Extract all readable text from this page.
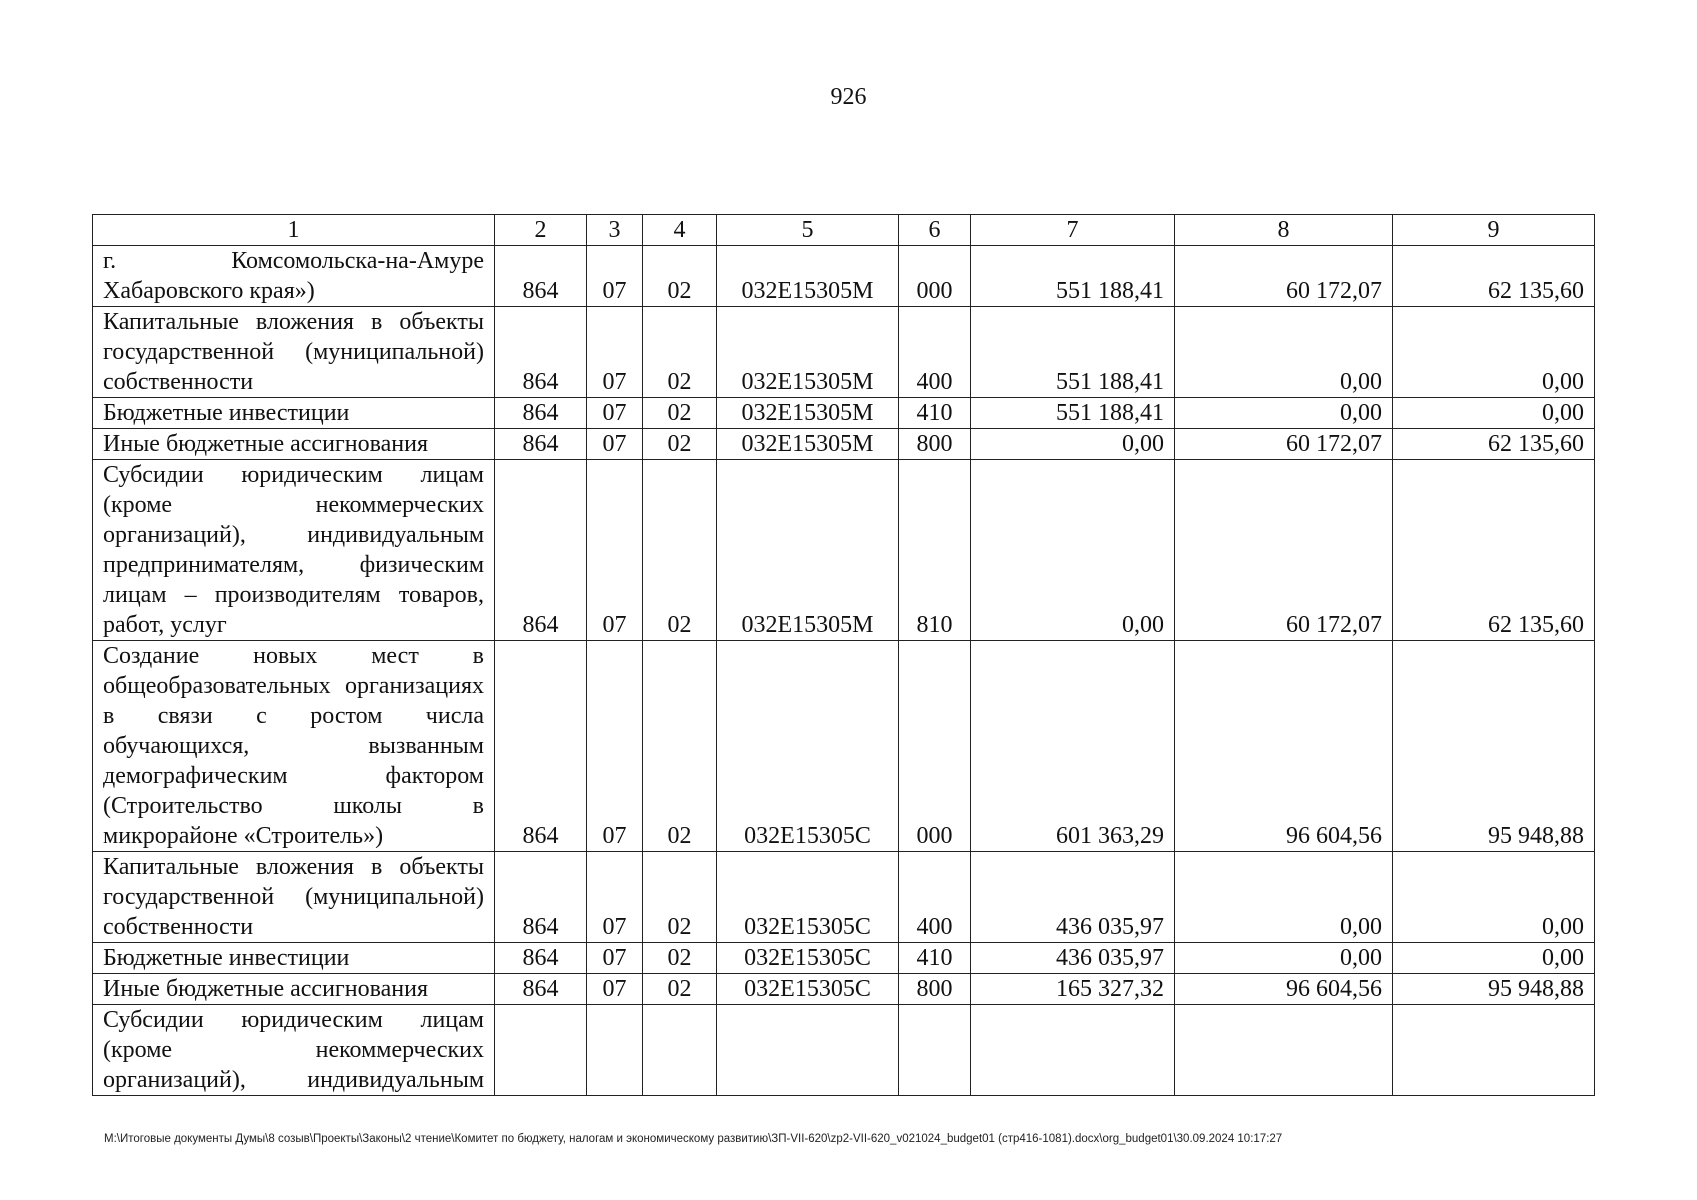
926
1	2	3	4	5	6	7	8	9
г. Комсомольска-на-Амуре Хабаровского края»)	864	07	02	032E15305M	000	551 188,41	60 172,07	62 135,60
Капитальные вложения в объекты государственной (муниципальной) собственности	864	07	02	032E15305M	400	551 188,41	0,00	0,00
Бюджетные инвестиции	864	07	02	032E15305M	410	551 188,41	0,00	0,00
Иные бюджетные ассигнования	864	07	02	032E15305M	800	0,00	60 172,07	62 135,60
Субсидии юридическим лицам (кроме некоммерческих организаций), индивидуальным предпринимателям, физическим лицам – производителям товаров, работ, услуг	864	07	02	032E15305M	810	0,00	60 172,07	62 135,60
Создание новых мест в общеобразовательных организациях в связи с ростом числа обучающихся, вызванным демографическим фактором (Строительство школы в микрорайоне «Строитель»)	864	07	02	032E15305C	000	601 363,29	96 604,56	95 948,88
Капитальные вложения в объекты государственной (муниципальной) собственности	864	07	02	032E15305C	400	436 035,97	0,00	0,00
Бюджетные инвестиции	864	07	02	032E15305C	410	436 035,97	0,00	0,00
Иные бюджетные ассигнования	864	07	02	032E15305C	800	165 327,32	96 604,56	95 948,88
Субсидии юридическим лицам (кроме некоммерческих организаций), индивидуальным								
M:\Итоговые документы Думы\8 созыв\Проекты\Законы\2 чтение\Комитет по бюджету, налогам и экономическому развитию\ЗП-VII-620\zp2-VII-620_v021024_budget01 (стр416-1081).docx\org_budget01\30.09.2024 10:17:27
